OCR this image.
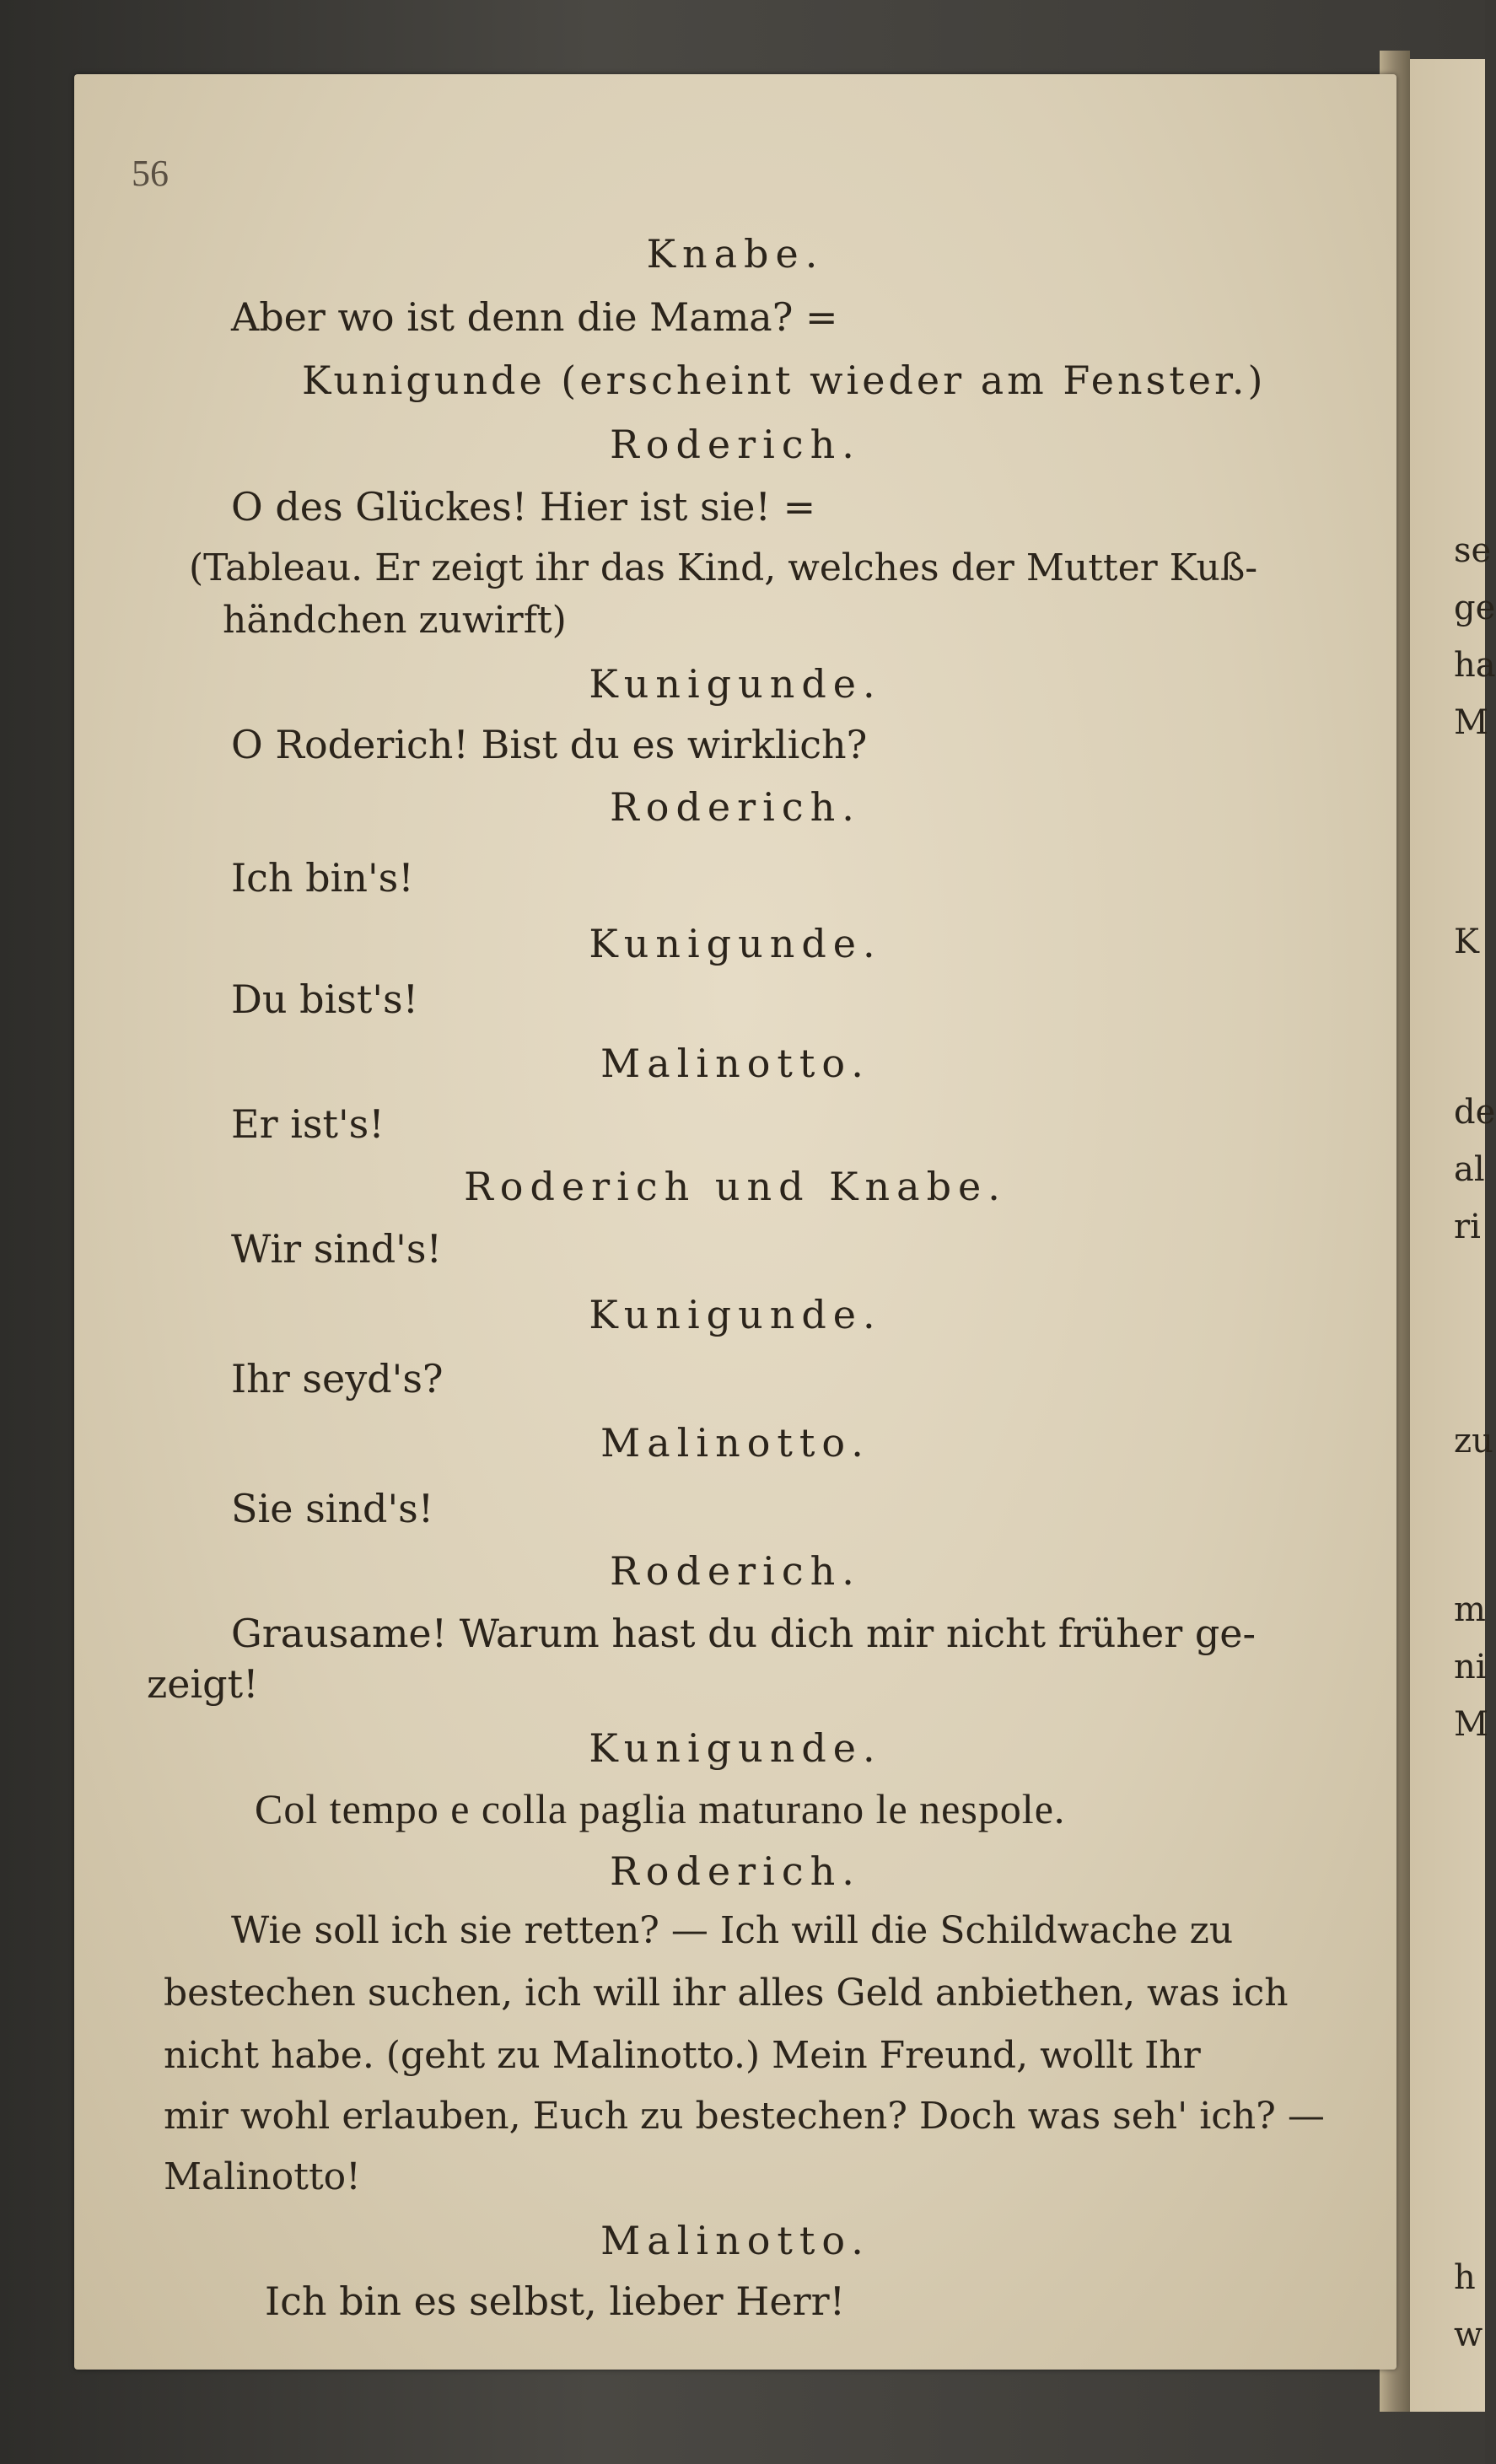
se
ge
ha
M
K
de
al
ri
zu
m
ni
M
h
w
56
Knabe.
Aber wo ist denn die Mama? =
Kunigunde (erscheint wieder am Fenster.)
Roderich.
O des Glückes! Hier ist sie! =
(Tableau. Er zeigt ihr das Kind, welches der Mutter Kuß-
händchen zuwirft)
Kunigunde.
O Roderich! Bist du es wirklich?
Roderich.
Ich bin's!
Kunigunde.
Du bist's!
Malinotto.
Er ist's!
Roderich und Knabe.
Wir sind's!
Kunigunde.
Ihr seyd's?
Malinotto.
Sie sind's!
Roderich.
Grausame! Warum hast du dich mir nicht früher ge-
zeigt!
Kunigunde.
Col tempo e colla paglia maturano le nespole.
Roderich.
Wie soll ich sie retten? — Ich will die Schildwache zu
bestechen suchen, ich will ihr alles Geld anbiethen, was ich
nicht habe. (geht zu Malinotto.) Mein Freund, wollt Ihr
mir wohl erlauben, Euch zu bestechen? Doch was seh' ich? —
Malinotto!
Malinotto.
Ich bin es selbst, lieber Herr!
